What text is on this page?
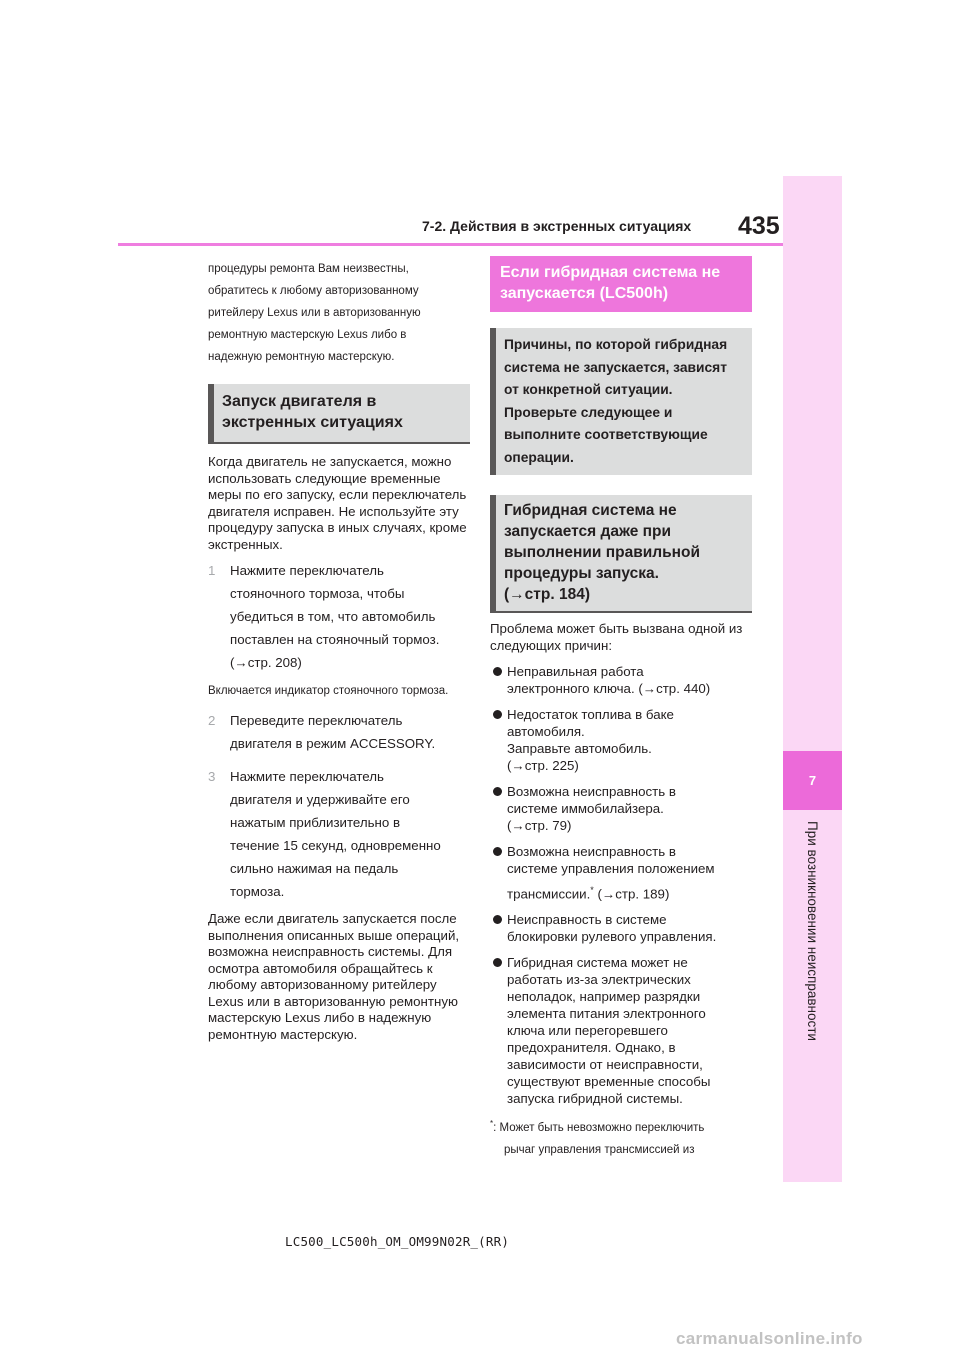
7-2. Действия в экстренных ситуациях 435
7
При возникновении неисправности

процедуры ремонта Вам неизвестны,

обратитесь к любому авторизованному

ритейлеру Lexus или в авторизованную

ремонтную мастерскую Lexus либо в

надежную ремонтную мастерскую.

Запуск двигателя в
экстренных ситуациях
Когда двигатель не запускается, можно использовать следующие временные меры по его запуску, если переключатель двигателя исправен. Не используйте эту процедуру запуска в иных случаях, кроме экстренных.
1	Нажмите переключатель
стояночного тормоза, чтобы
убедиться в том, что автомобиль
поставлен на стояночный тормоз.
(→стр. 208)
Включается индикатор стояночного тормоза.
2	Переведите переключатель
двигателя в режим ACCESSORY.
3	Нажмите переключатель
двигателя и удерживайте его
нажатым приблизительно в
течение 15 секунд, одновременно
сильно нажимая на педаль
тормоза.
Даже если двигатель запускается после выполнения описанных выше операций, возможна неисправность системы. Для осмотра автомобиля обращайтесь к любому авторизованному ритейлеру Lexus или в авторизованную ремонтную мастерскую Lexus либо в надежную ремонтную мастерскую.
Если гибридная система не
запускается (LC500h)
Причины, по которой гибридная
система не запускается, зависят
от конкретной ситуации.
Проверьте следующее и
выполните соответствующие
операции.
Гибридная система не
запускается даже при
выполнении правильной
процедуры запуска.
(→стр. 184)
Проблема может быть вызвана одной из следующих причин:
Неправильная работа
электронного ключа. (→стр. 440)
Недостаток топлива в баке
автомобиля.
Заправьте автомобиль.
(→стр. 225)
Возможна неисправность в
системе иммобилайзера.
(→стр. 79)
Возможна неисправность в
системе управления положением
трансмиссии.* (→стр. 189)
Неисправность в системе
блокировки рулевого управления.
Гибридная система может не
работать из-за электрических
неполадок, например разрядки
элемента питания электронного
ключа или перегоревшего
предохранителя. Однако, в
зависимости от неисправности,
существуют временные способы
запуска гибридной системы.
*: Может быть невозможно переключить
рычаг управления трансмиссией из
LC500_LC500h_OM_OM99N02R_(RR)
carmanualsonline.info
